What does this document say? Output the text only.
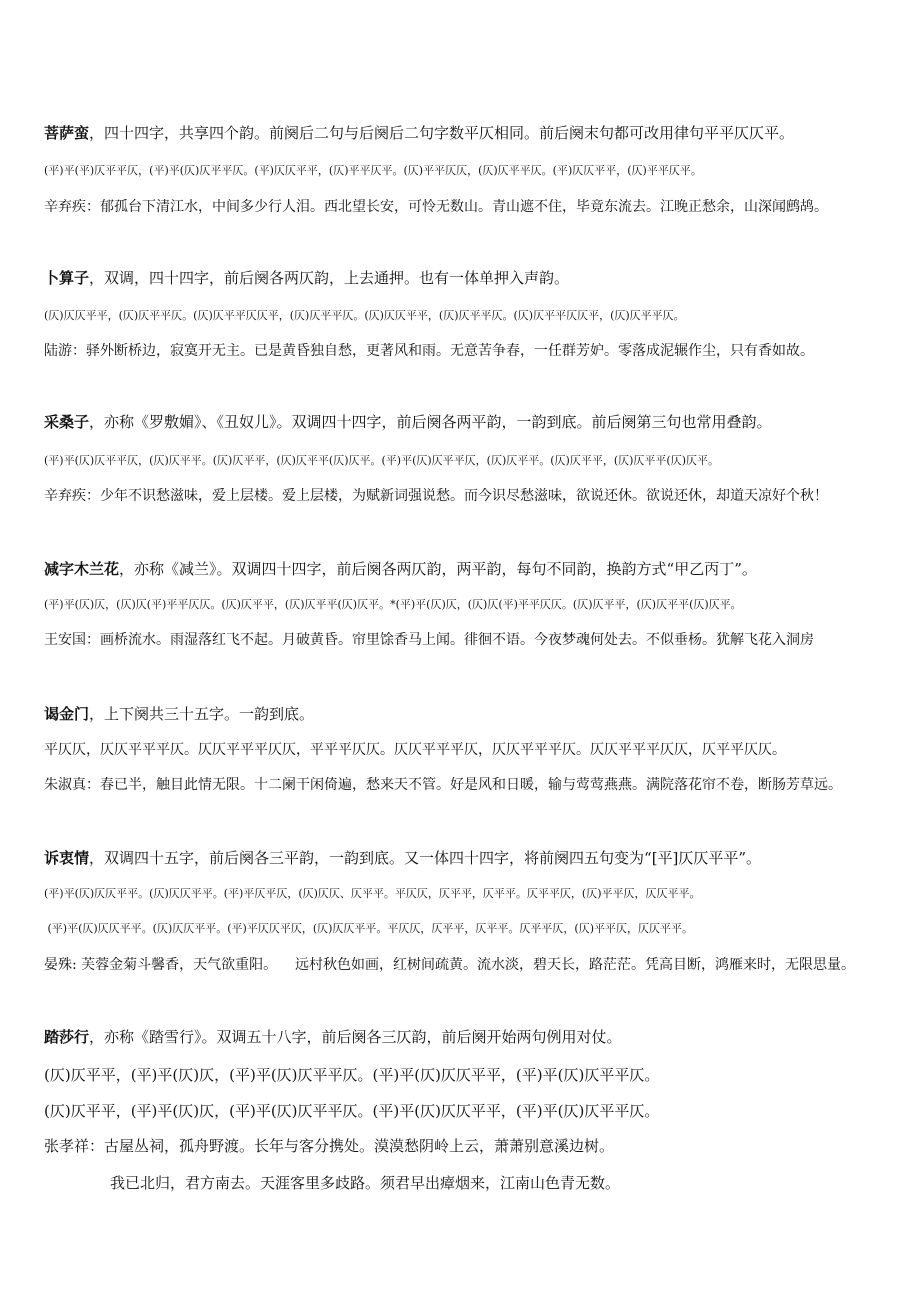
菩萨蛮，四十四字，共享四个韵。前阕后二句与后阕后二句字数平仄相同。前后阕末句都可改用律句平平仄仄平。
(平)平(平)仄平平仄，(平)平(仄)仄平平仄。(平)仄仄平平，(仄)平平仄平。(仄)平平仄仄，(仄)仄平平仄。(平)仄仄平平，(仄)平平仄平。
辛弃疾：郁孤台下清江水，中间多少行人泪。西北望长安，可怜无数山。青山遮不住，毕竟东流去。江晚正愁余，山深闻鹧鸪。
卜算子，双调，四十四字，前后阕各两仄韵，上去通押。也有一体单押入声韵。
(仄)仄仄平平，(仄)仄平平仄。(仄)仄平平仄仄平，(仄)仄平平仄。(仄)仄仄平平，(仄)仄平平仄。(仄)仄平平仄仄平，(仄)仄平平仄。
陆游：驿外断桥边，寂寞开无主。已是黄昏独自愁，更著风和雨。无意苦争春，一任群芳妒。零落成泥辗作尘，只有香如故。
采桑子，亦称《罗敷媚》、《丑奴儿》。双调四十四字，前后阕各两平韵，一韵到底。前后阕第三句也常用叠韵。
(平)平(仄)仄平平仄，(仄)仄平平。(仄)仄平平，(仄)仄平平(仄)仄平。(平)平(仄)仄平平仄，(仄)仄平平。(仄)仄平平，(仄)仄平平(仄)仄平。
辛弃疾：少年不识愁滋味，爱上层楼。爱上层楼，为赋新词强说愁。而今识尽愁滋味，欲说还休。欲说还休，却道天凉好个秋！
减字木兰花，亦称《减兰》。双调四十四字，前后阕各两仄韵，两平韵，每句不同韵，换韵方式“甲乙丙丁”。
(平)平(仄)仄，(仄)仄(平)平平仄仄。(仄)仄平平，(仄)仄平平(仄)仄平。*(平)平(仄)仄，(仄)仄(平)平平仄仄。(仄)仄平平，(仄)仄平平(仄)仄平。
王安国：画桥流水。雨湿落红飞不起。月破黄昏。帘里馀香马上闻。徘徊不语。今夜梦魂何处去。不似垂杨。犹解飞花入洞房
谒金门，上下阕共三十五字。一韵到底。
平仄仄，仄仄平平平仄。仄仄平平平仄仄，平平平仄仄。仄仄平平平仄，仄仄平平平仄。仄仄平平平仄仄，仄平平仄仄。
朱淑真：春已半，触目此情无限。十二阑干闲倚遍，愁来天不管。好是风和日暖，输与莺莺燕燕。满院落花帘不卷，断肠芳草远。
诉衷情，双调四十五字，前后阕各三平韵，一韵到底。又一体四十四字，将前阕四五句变为“[平]仄仄平平”。
(平)平(仄)仄仄平平。(仄)仄仄平平。(平)平仄平仄，(仄)仄仄、仄平平。平仄仄，仄平平，仄平平。仄平平仄，(仄)平平仄，仄仄平平。
(平)平(仄)仄仄平平。(仄)仄仄平平。(平)平仄仄平仄，(仄)仄仄平平。平仄仄，仄平平，仄平平。仄平平仄，(仄)平平仄，仄仄平平。
晏殊: 芙蓉金菊斗馨香，天气欲重阳。    远村秋色如画，红树间疏黄。流水淡，碧天长，路茫茫。凭高目断，鸿雁来时，无限思量。
踏莎行，亦称《踏雪行》。双调五十八字，前后阕各三仄韵，前后阕开始两句例用对仗。
(仄)仄平平，(平)平(仄)仄，(平)平(仄)仄平平仄。(平)平(仄)仄仄平平，(平)平(仄)仄平平仄。
(仄)仄平平，(平)平(仄)仄，(平)平(仄)仄平平仄。(平)平(仄)仄仄平平，(平)平(仄)仄平平仄。
张孝祥：古屋丛祠，孤舟野渡。长年与客分携处。漠漠愁阴岭上云，萧萧别意溪边树。
我已北归，君方南去。天涯客里多歧路。须君早出瘴烟来，江南山色青无数。
